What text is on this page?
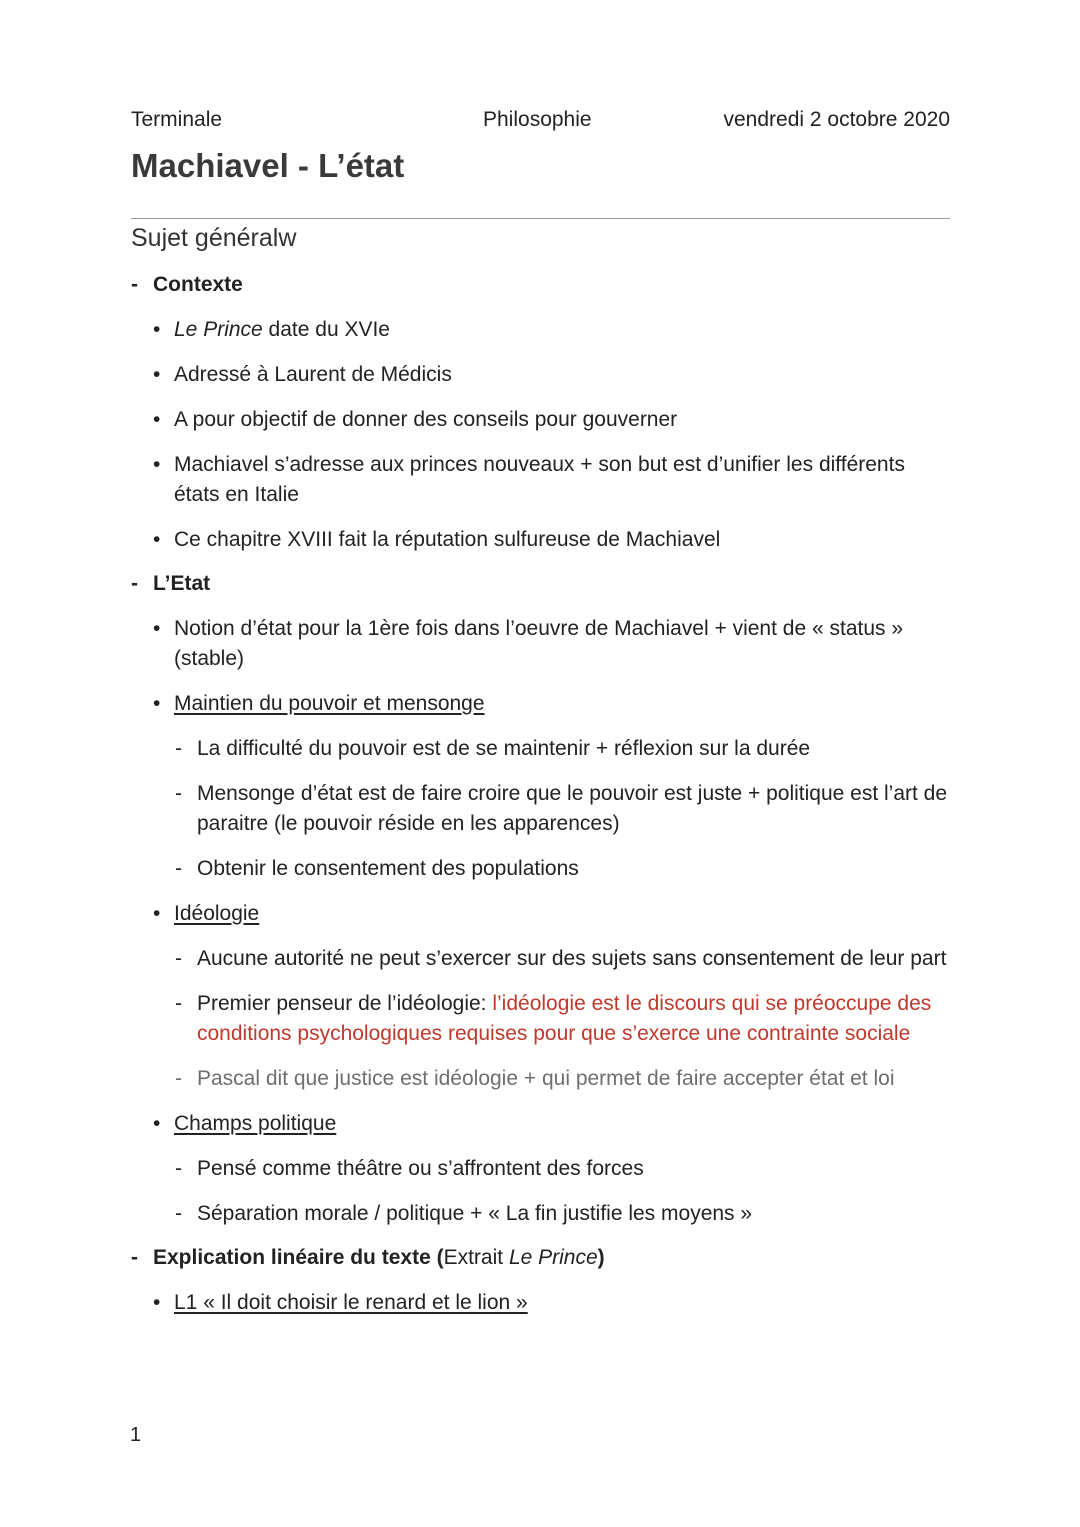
Terminale	Philosophie	vendredi 2 octobre 2020
Machiavel - L’état
Sujet généralw
- Contexte
• Le Prince date du XVIe
• Adressé à Laurent de Médicis
• A pour objectif de donner des conseils pour gouverner
• Machiavel s’adresse aux princes nouveaux + son but est d’unifier les différents états en Italie
• Ce chapitre XVIII fait la réputation sulfureuse de Machiavel
- L’Etat
• Notion d’état pour la 1ère fois dans l’oeuvre de Machiavel + vient de « status » (stable)
• Maintien du pouvoir et mensonge
- La difficulté du pouvoir est de se maintenir + réflexion sur la durée
- Mensonge d’état est de faire croire que le pouvoir est juste + politique est l’art de paraitre (le pouvoir réside en les apparences)
- Obtenir le consentement des populations
• Idéologie
- Aucune autorité ne peut s’exercer sur des sujets sans consentement de leur part
- Premier penseur de l’idéologie: l’idéologie est le discours qui se préoccupe des conditions psychologiques requises pour que s’exerce une contrainte sociale
- Pascal dit que justice est idéologie + qui permet de faire accepter état et loi
• Champs politique
- Pensé comme théâtre ou s’affrontent des forces
- Séparation morale / politique + « La fin justifie les moyens »
- Explication linéaire du texte (Extrait Le Prince)
• L1 « Il doit choisir le renard et le lion »
1
